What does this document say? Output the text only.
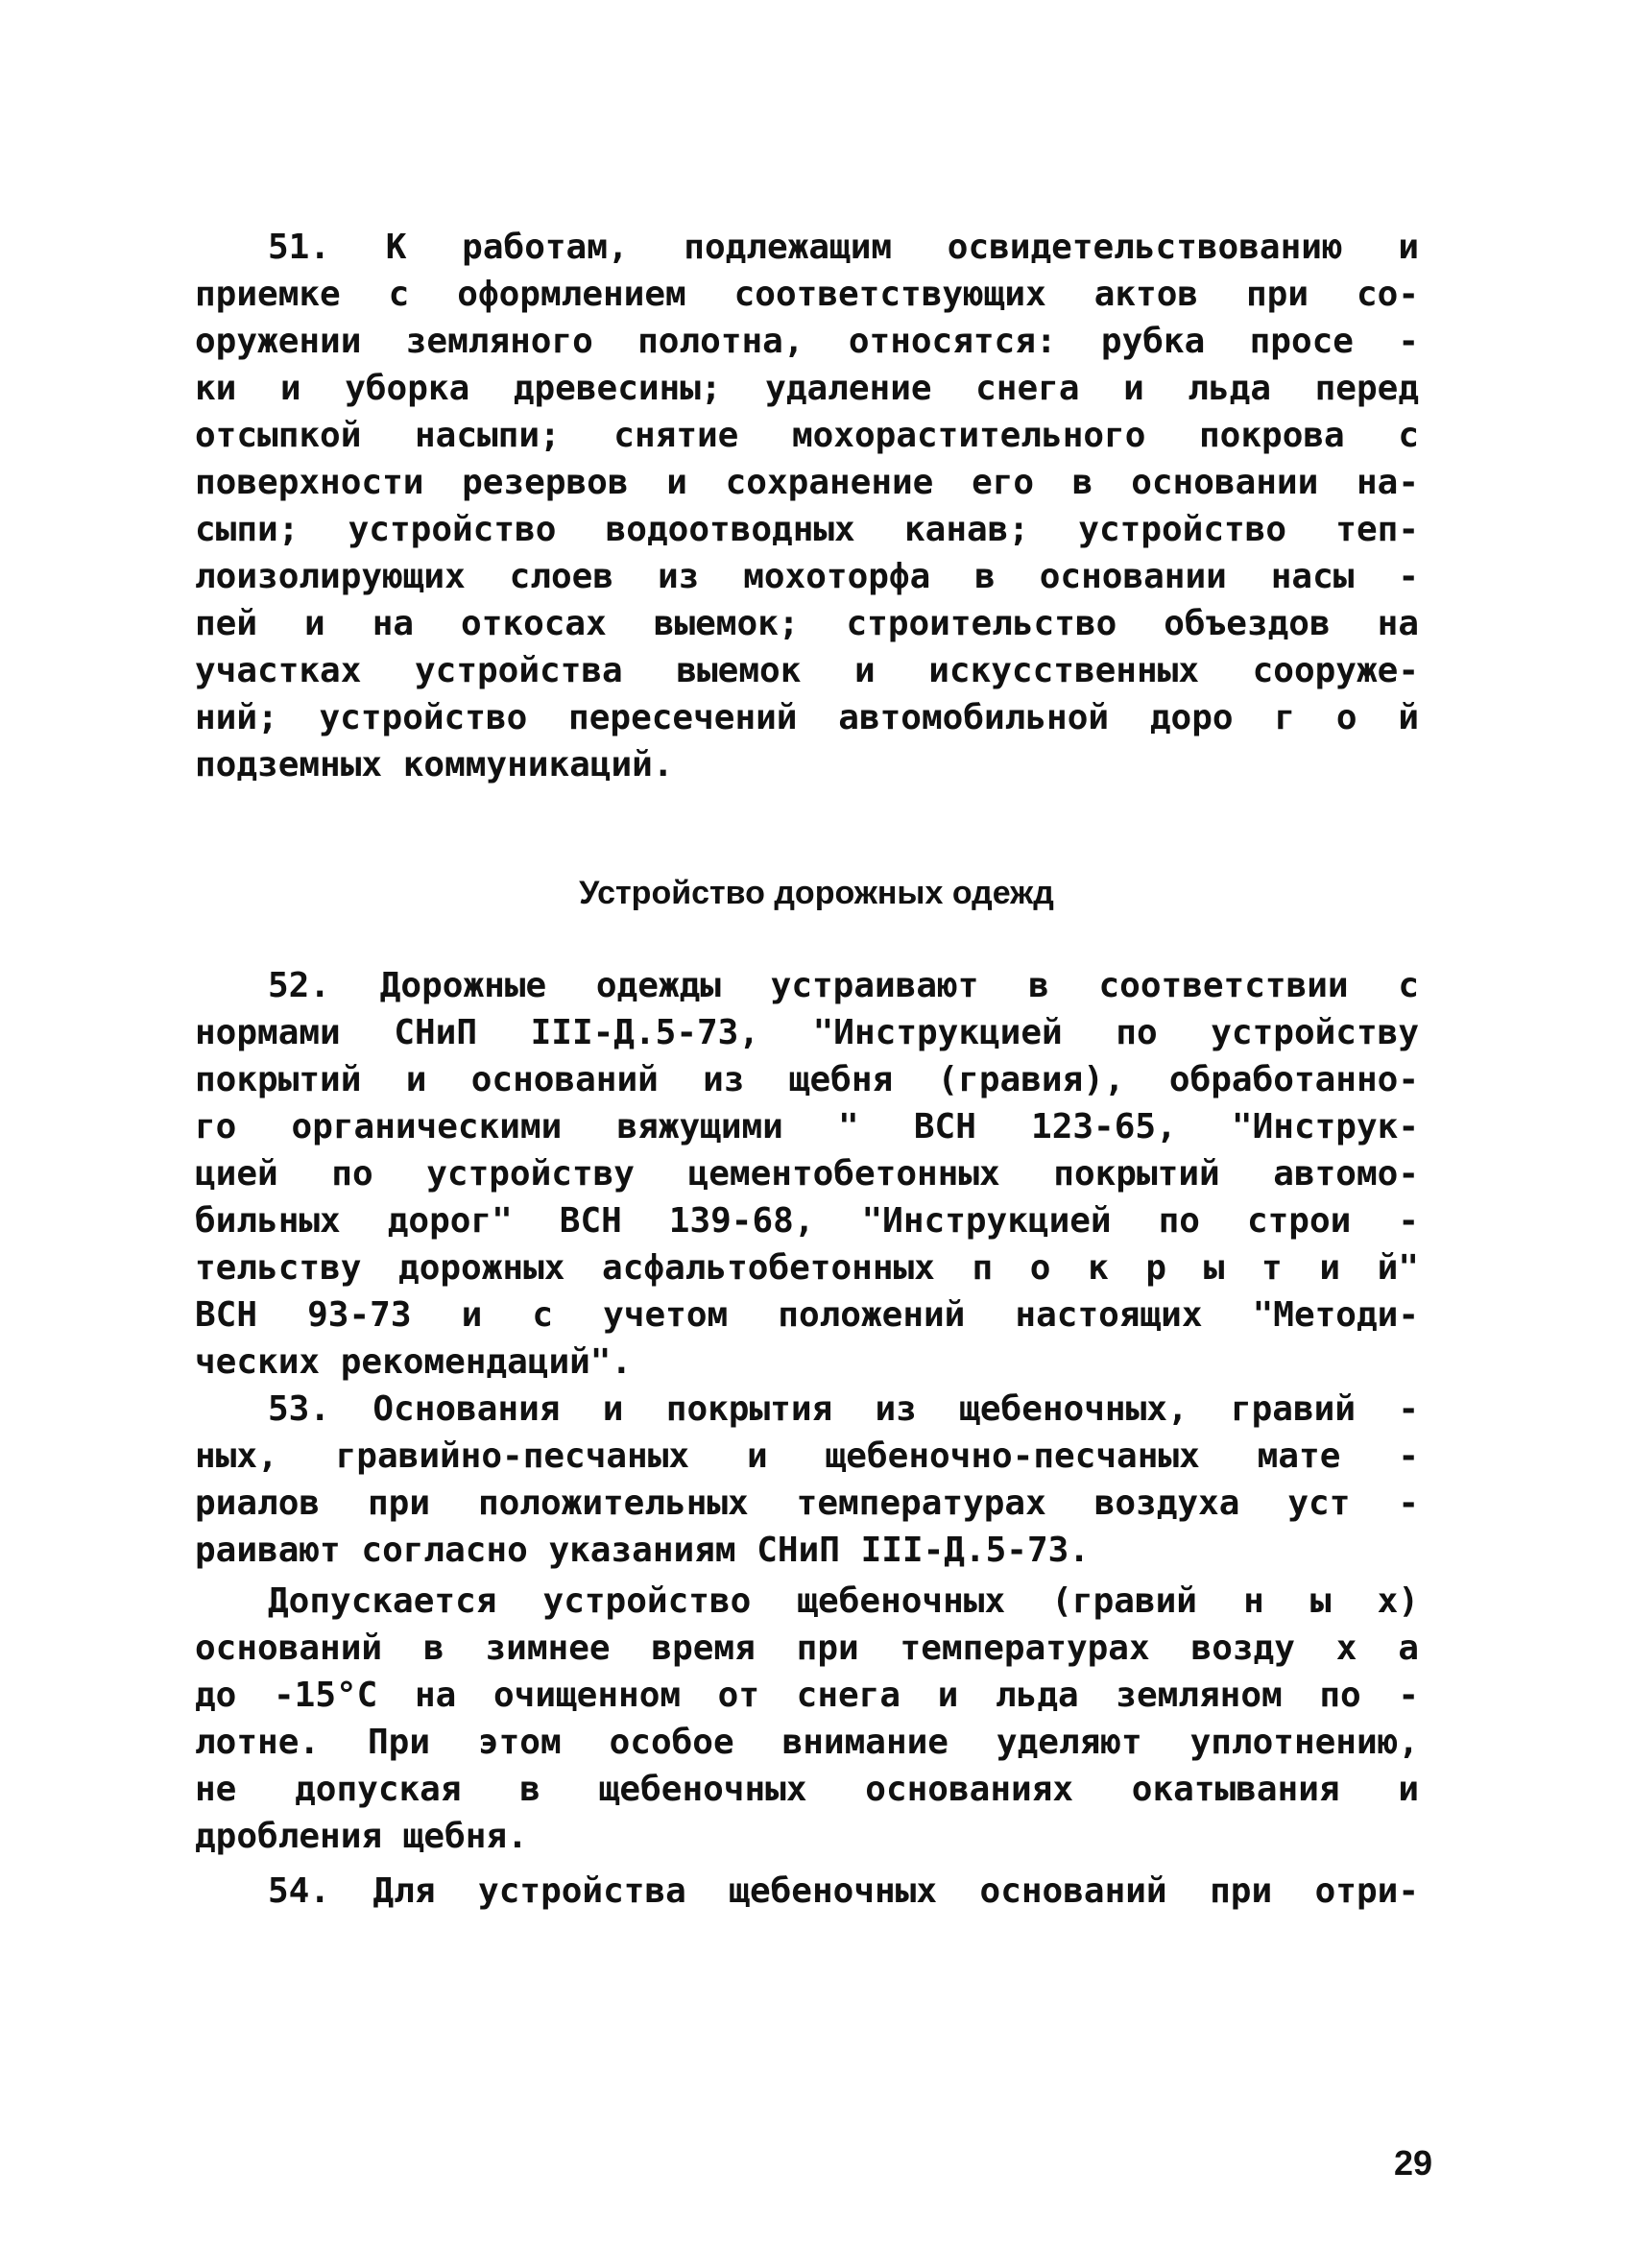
51. К работам, подлежащим освидетельствованию и
приемке с оформлением соответствующих актов при со-
оружении земляного полотна, относятся: рубка просе -
ки и уборка древесины; удаление снега и льда перед
отсыпкой насыпи; снятие мохорастительного покрова с
поверхности резервов и сохранение его в основании на-
сыпи; устройство водоотводных канав; устройство теп-
лоизолирующих слоев из мохоторфа в основании насы -
пей и на откосах выемок; строительство объездов на
участках устройства выемок и искусственных сооруже-
ний; устройство пересечений автомобильной доро г о й
подземных коммуникаций.
Устройство дорожных одежд
52. Дорожные одежды устраивают в соответствии с
нормами СНиП III-Д.5-73, "Инструкцией по устройству
покрытий и оснований из щебня (гравия), обработанно-
го органическими вяжущими " ВСН 123-65, "Инструк-
цией по устройству цементобетонных покрытий автомо-
бильных дорог" ВСН 139-68, "Инструкцией по строи -
тельству дорожных асфальтобетонных п о к р ы т и й"
ВСН 93-73 и с учетом положений настоящих "Методи-
ческих рекомендаций".
53. Основания и покрытия из щебеночных, гравий -
ных, гравийно-песчаных и щебеночно-песчаных мате -
риалов при положительных температурах воздуха уст -
раивают согласно указаниям СНиП III-Д.5-73.
Допускается устройство щебеночных (гравий н ы х)
оснований в зимнее время при температурах возду х а
до -15°С на очищенном от снега и льда земляном по -
лотне. При этом особое внимание уделяют уплотнению,
не допуская в щебеночных основаниях окатывания и
дробления щебня.
54. Для устройства щебеночных оснований при отри-
29
